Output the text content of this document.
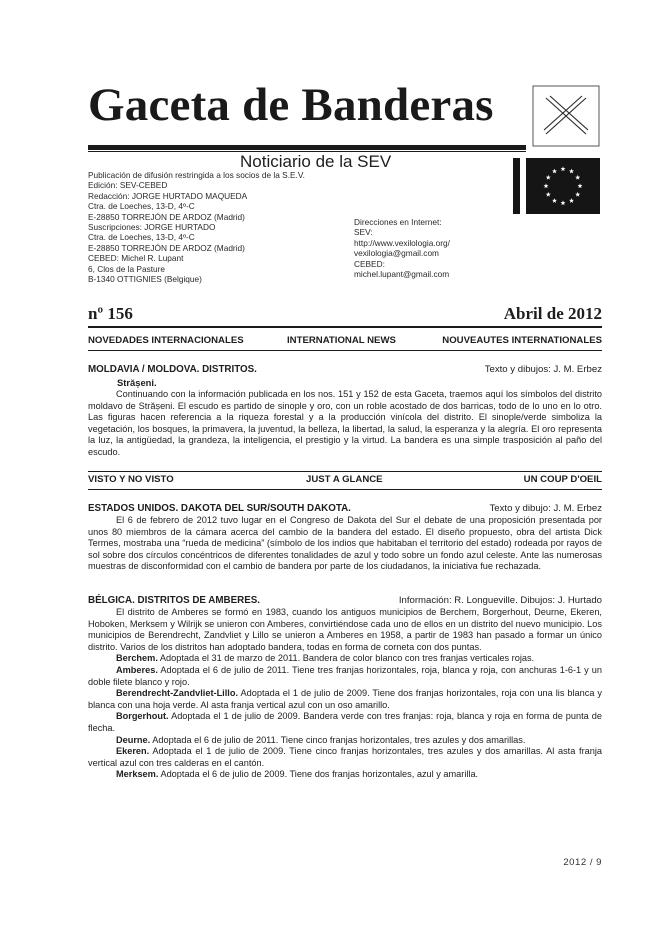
Gaceta de Banderas
Noticiario de la SEV
Publicación de difusión restringida a los socios de la S.E.V.
Edición: SEV-CEBED
Redacción: JORGE HURTADO MAQUEDA
Ctra. de Loeches, 13-D, 4º-C
E-28850 TORREJÓN DE ARDOZ (Madrid)
Suscripciones: JORGE HURTADO
Ctra. de Loeches, 13-D, 4º-C
E-28850 TORREJÓN DE ARDOZ (Madrid)
CEBED: Michel R. Lupant
6, Clos de la Pasture
B-1340 OTTIGNIES (Belgique)
Direcciones en Internet:
SEV:
http://www.vexilologia.org/
vexilologia@gmail.com
CEBED:
michel.lupant@gmail.com
nº 156	Abril de 2012
NOVEDADES INTERNACIONALES	INTERNATIONAL NEWS	NOUVEAUTES INTERNATIONALES
MOLDAVIA / MOLDOVA. DISTRITOS.	Texto y dibujos: J. M. Erbez
Strășeni.

Continuando con la información publicada en los nos. 151 y 152 de esta Gaceta, traemos aquí los símbolos del distrito moldavo de Strășeni. El escudo es partido de sinople y oro, con un roble acostado de dos barricas, todo de lo uno en lo otro. Las figuras hacen referencia a la riqueza forestal y a la producción vinícola del distrito. El sinople/verde simboliza la vegetación, los bosques, la primavera, la juventud, la belleza, la libertad, la salud, la esperanza y la alegría. El oro representa la luz, la antigüedad, la grandeza, la inteligencia, el prestigio y la virtud. La bandera es una simple trasposición al paño del escudo.

VISTO Y NO VISTO	JUST A GLANCE	UN COUP D'OEIL
ESTADOS UNIDOS. DAKOTA DEL SUR/SOUTH DAKOTA.	Texto y dibujo: J. M. Erbez

El 6 de febrero de 2012 tuvo lugar en el Congreso de Dakota del Sur el debate de una proposición presentada por unos 80 miembros de la cámara acerca del cambio de la bandera del estado. El diseño propuesto, obra del artista Dick Termes, mostraba una “rueda de medicina” (símbolo de los indios que habitaban el territorio del estado) rodeada por rayos de sol sobre dos círculos concéntricos de diferentes tonalidades de azul y todo sobre un fondo azul celeste. Ante las numerosas muestras de disconformidad con el cambio de bandera por parte de los ciudadanos, la iniciativa fue rechazada.

BÉLGICA. DISTRITOS DE AMBERES.	Información: R. Longueville. Dibujos: J. Hurtado

El distrito de Amberes se formó en 1983, cuando los antiguos municipios de Berchem, Borgerhout, Deurne, Ekeren, Hoboken, Merksem y Wilrijk se unieron con Amberes, convirtiéndose cada uno de ellos en un distrito del nuevo municipio. Los municipios de Berendrecht, Zandvliet y Lillo se unieron a Amberes en 1958, a partir de 1983 han pasado a formar un único distrito. Varios de los distritos han adoptado bandera, todas en forma de corneta con dos puntas.

Berchem. Adoptada el 31 de marzo de 2011. Bandera de color blanco con tres franjas verticales rojas.

Amberes. Adoptada el 6 de julio de 2011. Tiene tres franjas horizontales, roja, blanca y roja, con anchuras 1-6-1 y un doble filete blanco y rojo.

Berendrecht-Zandvliet-Lillo. Adoptada el 1 de julio de 2009. Tiene dos franjas horizontales, roja con una lis blanca y blanca con una hoja verde. Al asta franja vertical azul con un oso amarillo.

Borgerhout. Adoptada el 1 de julio de 2009. Bandera verde con tres franjas: roja, blanca y roja en forma de punta de flecha.

Deurne. Adoptada el 6 de julio de 2011. Tiene cinco franjas horizontales, tres azules y dos amarillas.

Ekeren. Adoptada el 1 de julio de 2009. Tiene cinco franjas horizontales, tres azules y dos amarillas. Al asta franja vertical azul con tres calderas en el cantón.

Merksem. Adoptada el 6 de julio de 2009. Tiene dos franjas horizontales, azul y amarilla.

2012 / 9
